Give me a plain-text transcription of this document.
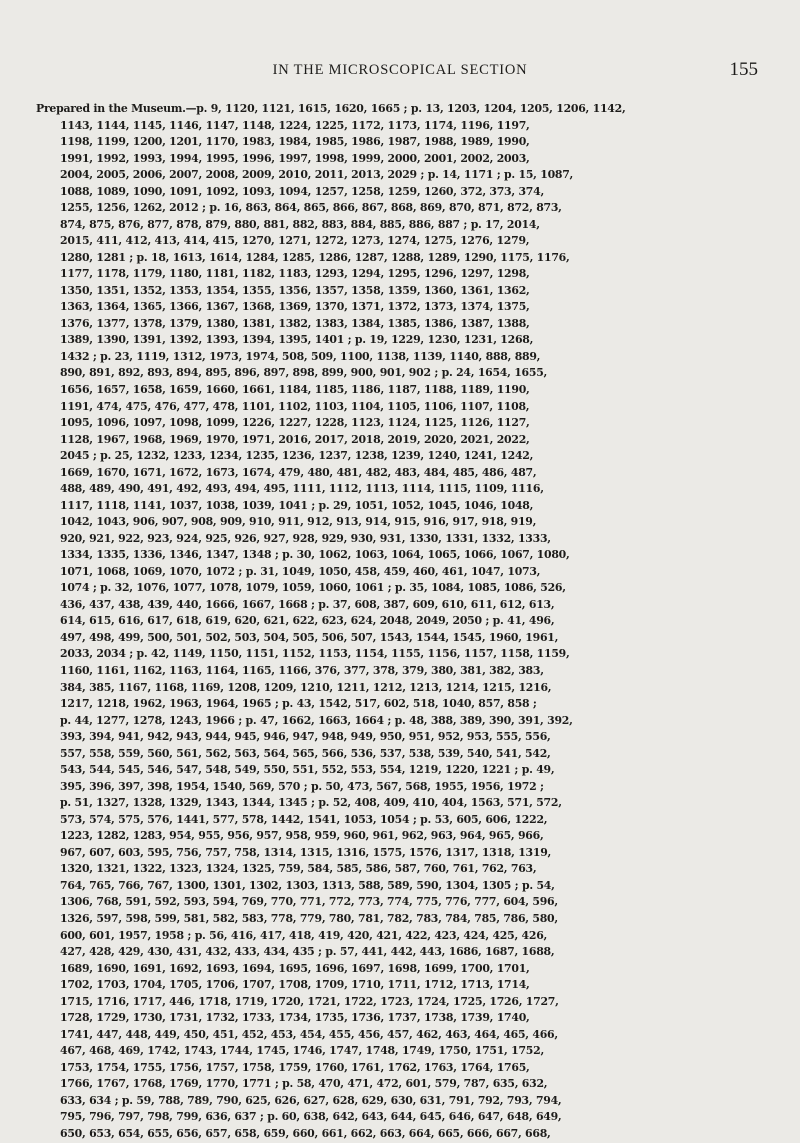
IN THE MICROSCOPICAL SECTION	155
Prepared in the Museum.—p. 9, 1120, 1121, 1615, 1620, 1665 ; p. 13, 1203, 1204, 1205, 1206, 1142,
1143, 1144, 1145, 1146, 1147, 1148, 1224, 1225, 1172, 1173, 1174, 1196, 1197,
1198, 1199, 1200, 1201, 1170, 1983, 1984, 1985, 1986, 1987, 1988, 1989, 1990,
1991, 1992, 1993, 1994, 1995, 1996, 1997, 1998, 1999, 2000, 2001, 2002, 2003,
2004, 2005, 2006, 2007, 2008, 2009, 2010, 2011, 2013, 2029 ; p. 14, 1171 ; p. 15, 1087,
1088, 1089, 1090, 1091, 1092, 1093, 1094, 1257, 1258, 1259, 1260, 372, 373, 374,
1255, 1256, 1262, 2012 ; p. 16, 863, 864, 865, 866, 867, 868, 869, 870, 871, 872, 873,
874, 875, 876, 877, 878, 879, 880, 881, 882, 883, 884, 885, 886, 887 ; p. 17, 2014,
2015, 411, 412, 413, 414, 415, 1270, 1271, 1272, 1273, 1274, 1275, 1276, 1279,
1280, 1281 ; p. 18, 1613, 1614, 1284, 1285, 1286, 1287, 1288, 1289, 1290, 1175, 1176,
1177, 1178, 1179, 1180, 1181, 1182, 1183, 1293, 1294, 1295, 1296, 1297, 1298,
1350, 1351, 1352, 1353, 1354, 1355, 1356, 1357, 1358, 1359, 1360, 1361, 1362,
1363, 1364, 1365, 1366, 1367, 1368, 1369, 1370, 1371, 1372, 1373, 1374, 1375,
1376, 1377, 1378, 1379, 1380, 1381, 1382, 1383, 1384, 1385, 1386, 1387, 1388,
1389, 1390, 1391, 1392, 1393, 1394, 1395, 1401 ; p. 19, 1229, 1230, 1231, 1268,
1432 ; p. 23, 1119, 1312, 1973, 1974, 508, 509, 1100, 1138, 1139, 1140, 888, 889,
890, 891, 892, 893, 894, 895, 896, 897, 898, 899, 900, 901, 902 ; p. 24, 1654, 1655,
1656, 1657, 1658, 1659, 1660, 1661, 1184, 1185, 1186, 1187, 1188, 1189, 1190,
1191, 474, 475, 476, 477, 478, 1101, 1102, 1103, 1104, 1105, 1106, 1107, 1108,
1095, 1096, 1097, 1098, 1099, 1226, 1227, 1228, 1123, 1124, 1125, 1126, 1127,
1128, 1967, 1968, 1969, 1970, 1971, 2016, 2017, 2018, 2019, 2020, 2021, 2022,
2045 ; p. 25, 1232, 1233, 1234, 1235, 1236, 1237, 1238, 1239, 1240, 1241, 1242,
1669, 1670, 1671, 1672, 1673, 1674, 479, 480, 481, 482, 483, 484, 485, 486, 487,
488, 489, 490, 491, 492, 493, 494, 495, 1111, 1112, 1113, 1114, 1115, 1109, 1116,
1117, 1118, 1141, 1037, 1038, 1039, 1041 ; p. 29, 1051, 1052, 1045, 1046, 1048,
1042, 1043, 906, 907, 908, 909, 910, 911, 912, 913, 914, 915, 916, 917, 918, 919,
920, 921, 922, 923, 924, 925, 926, 927, 928, 929, 930, 931, 1330, 1331, 1332, 1333,
1334, 1335, 1336, 1346, 1347, 1348 ; p. 30, 1062, 1063, 1064, 1065, 1066, 1067, 1080,
1071, 1068, 1069, 1070, 1072 ; p. 31, 1049, 1050, 458, 459, 460, 461, 1047, 1073,
1074 ; p. 32, 1076, 1077, 1078, 1079, 1059, 1060, 1061 ; p. 35, 1084, 1085, 1086, 526,
436, 437, 438, 439, 440, 1666, 1667, 1668 ; p. 37, 608, 387, 609, 610, 611, 612, 613,
614, 615, 616, 617, 618, 619, 620, 621, 622, 623, 624, 2048, 2049, 2050 ; p. 41, 496,
497, 498, 499, 500, 501, 502, 503, 504, 505, 506, 507, 1543, 1544, 1545, 1960, 1961,
2033, 2034 ; p. 42, 1149, 1150, 1151, 1152, 1153, 1154, 1155, 1156, 1157, 1158, 1159,
1160, 1161, 1162, 1163, 1164, 1165, 1166, 376, 377, 378, 379, 380, 381, 382, 383,
384, 385, 1167, 1168, 1169, 1208, 1209, 1210, 1211, 1212, 1213, 1214, 1215, 1216,
1217, 1218, 1962, 1963, 1964, 1965 ; p. 43, 1542, 517, 602, 518, 1040, 857, 858 ;
p. 44, 1277, 1278, 1243, 1966 ; p. 47, 1662, 1663, 1664 ; p. 48, 388, 389, 390, 391, 392,
393, 394, 941, 942, 943, 944, 945, 946, 947, 948, 949, 950, 951, 952, 953, 555, 556,
557, 558, 559, 560, 561, 562, 563, 564, 565, 566, 536, 537, 538, 539, 540, 541, 542,
543, 544, 545, 546, 547, 548, 549, 550, 551, 552, 553, 554, 1219, 1220, 1221 ; p. 49,
395, 396, 397, 398, 1954, 1540, 569, 570 ; p. 50, 473, 567, 568, 1955, 1956, 1972 ;
p. 51, 1327, 1328, 1329, 1343, 1344, 1345 ; p. 52, 408, 409, 410, 404, 1563, 571, 572,
573, 574, 575, 576, 1441, 577, 578, 1442, 1541, 1053, 1054 ; p. 53, 605, 606, 1222,
1223, 1282, 1283, 954, 955, 956, 957, 958, 959, 960, 961, 962, 963, 964, 965, 966,
967, 607, 603, 595, 756, 757, 758, 1314, 1315, 1316, 1575, 1576, 1317, 1318, 1319,
1320, 1321, 1322, 1323, 1324, 1325, 759, 584, 585, 586, 587, 760, 761, 762, 763,
764, 765, 766, 767, 1300, 1301, 1302, 1303, 1313, 588, 589, 590, 1304, 1305 ; p. 54,
1306, 768, 591, 592, 593, 594, 769, 770, 771, 772, 773, 774, 775, 776, 777, 604, 596,
1326, 597, 598, 599, 581, 582, 583, 778, 779, 780, 781, 782, 783, 784, 785, 786, 580,
600, 601, 1957, 1958 ; p. 56, 416, 417, 418, 419, 420, 421, 422, 423, 424, 425, 426,
427, 428, 429, 430, 431, 432, 433, 434, 435 ; p. 57, 441, 442, 443, 1686, 1687, 1688,
1689, 1690, 1691, 1692, 1693, 1694, 1695, 1696, 1697, 1698, 1699, 1700, 1701,
1702, 1703, 1704, 1705, 1706, 1707, 1708, 1709, 1710, 1711, 1712, 1713, 1714,
1715, 1716, 1717, 446, 1718, 1719, 1720, 1721, 1722, 1723, 1724, 1725, 1726, 1727,
1728, 1729, 1730, 1731, 1732, 1733, 1734, 1735, 1736, 1737, 1738, 1739, 1740,
1741, 447, 448, 449, 450, 451, 452, 453, 454, 455, 456, 457, 462, 463, 464, 465, 466,
467, 468, 469, 1742, 1743, 1744, 1745, 1746, 1747, 1748, 1749, 1750, 1751, 1752,
1753, 1754, 1755, 1756, 1757, 1758, 1759, 1760, 1761, 1762, 1763, 1764, 1765,
1766, 1767, 1768, 1769, 1770, 1771 ; p. 58, 470, 471, 472, 601, 579, 787, 635, 632,
633, 634 ; p. 59, 788, 789, 790, 625, 626, 627, 628, 629, 630, 631, 791, 792, 793, 794,
795, 796, 797, 798, 799, 636, 637 ; p. 60, 638, 642, 643, 644, 645, 646, 647, 648, 649,
650, 653, 654, 655, 656, 657, 658, 659, 660, 661, 662, 663, 664, 665, 666, 667, 668,
